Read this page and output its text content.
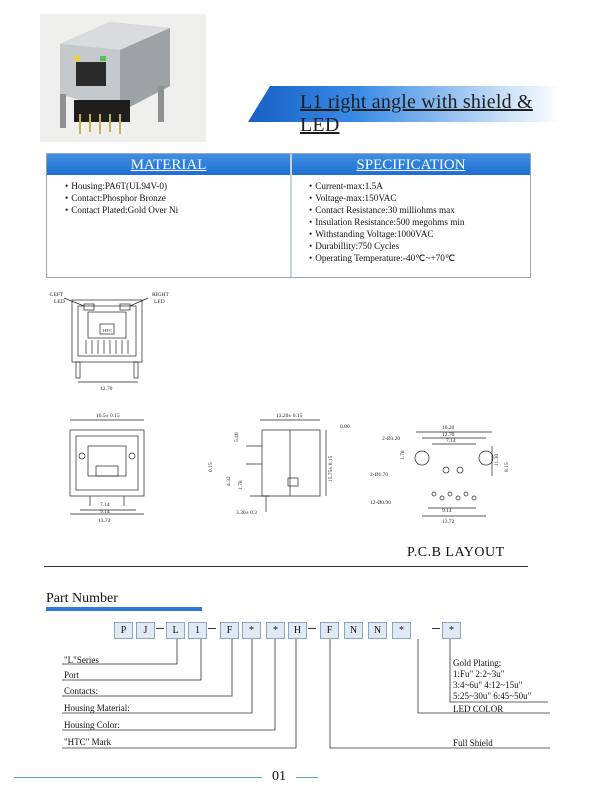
L1 right angle with shield & LED
MATERIAL	SPECIFICATION
• Housing:PA6T(UL94V-0)
• Contact:Phosphor Bronze
• Contact Plated:Gold Over Ni
• Current-max:1.5A
• Voltage-max:150VAC
• Contact Resistance:30 milliohms max
• Insulation Resistance:500 megohms min
• Withstanding Voltage:1000VAC
• Durabillity:750 Cycles
• Operating Temperature:-40℃~+70℃
LEFT
LED
RIGHT
LED
HTC
12.70
16.5± 0.15
7.14
9.14
13.72
13.20± 0.15
0.80
5.40
0.15
4.32 1.78
15.75± 0.15
3.30± 0.3
16.20
12.70
7.14
2-Ø3.20
1.78	11.30
8.15
2-Ø1.70
12-Ø0.90
9.14
13.72
P.C.B LAYOUT
Part Number
P	J	L	1	F	*	*	H	F	N	N	*	*
"L"Series
Port
Contacts:
Housing Material:
Housing Color:
"HTC" Mark
Gold Plating:
1:Fu" 2:2~3u"
3:4~6u" 4:12~15u"
5:25~30u" 6:45~50u"
LED COLOR
Full Shield
01
